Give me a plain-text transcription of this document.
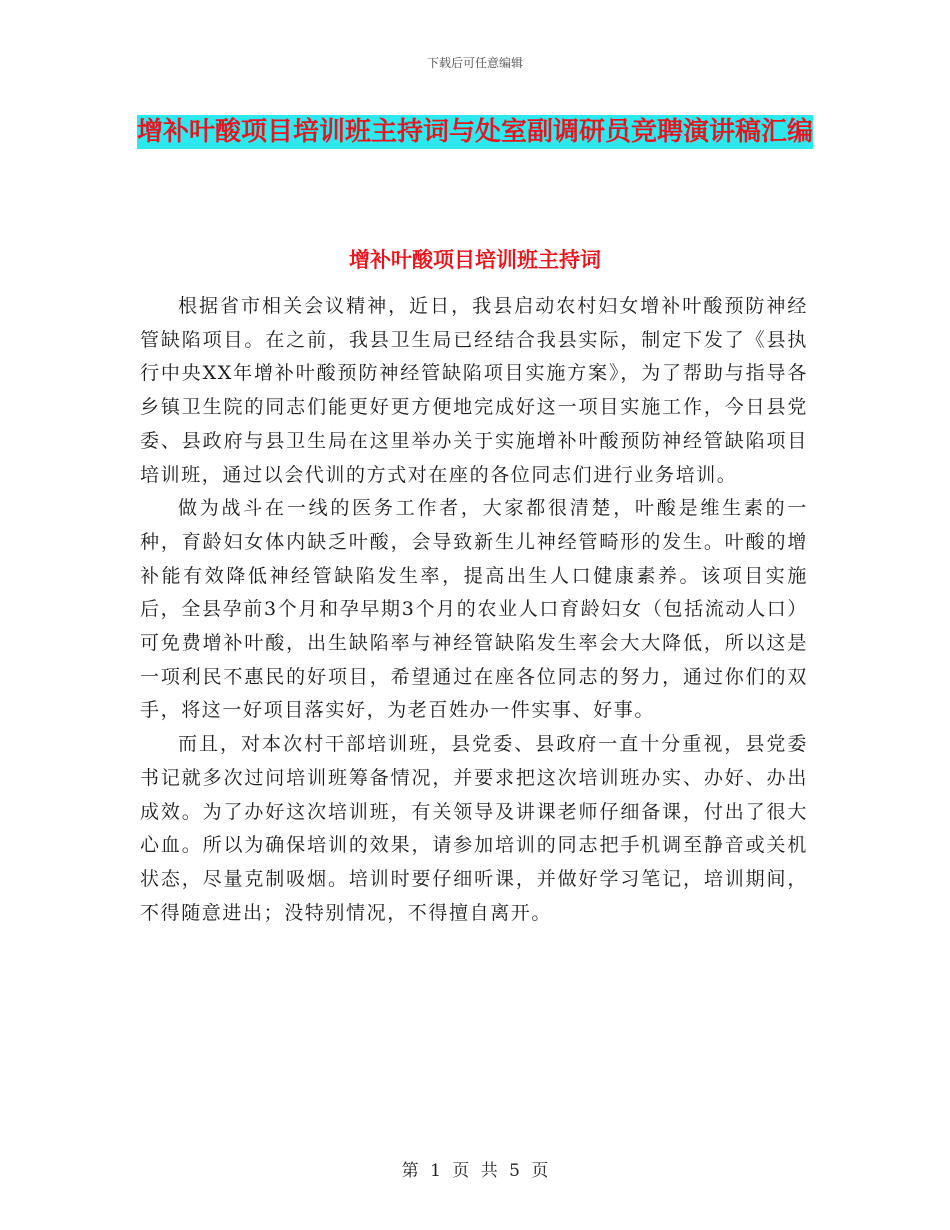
下载后可任意编辑
增补叶酸项目培训班主持词与处室副调研员竞聘演讲稿汇编
增补叶酸项目培训班主持词

根据省市相关会议精神，近日，我县启动农村妇女增补叶酸预防神经管缺陷项目。在之前，我县卫生局已经结合我县实际，制定下发了《县执行中央XX年增补叶酸预防神经管缺陷项目实施方案》，为了帮助与指导各乡镇卫生院的同志们能更好更方便地完成好这一项目实施工作，今日县党委、县政府与县卫生局在这里举办关于实施增补叶酸预防神经管缺陷项目培训班，通过以会代训的方式对在座的各位同志们进行业务培训。

做为战斗在一线的医务工作者，大家都很清楚，叶酸是维生素的一种，育龄妇女体内缺乏叶酸，会导致新生儿神经管畸形的发生。叶酸的增补能有效降低神经管缺陷发生率，提高出生人口健康素养。该项目实施后，全县孕前3个月和孕早期3个月的农业人口育龄妇女（包括流动人口）可免费增补叶酸，出生缺陷率与神经管缺陷发生率会大大降低，所以这是一项利民不惠民的好项目，希望通过在座各位同志的努力，通过你们的双手，将这一好项目落实好，为老百姓办一件实事、好事。

而且，对本次村干部培训班，县党委、县政府一直十分重视，县党委书记就多次过问培训班筹备情况，并要求把这次培训班办实、办好、办出成效。为了办好这次培训班，有关领导及讲课老师仔细备课，付出了很大心血。所以为确保培训的效果，请参加培训的同志把手机调至静音或关机状态，尽量克制吸烟。培训时要仔细听课，并做好学习笔记，培训期间，不得随意进出；没特别情况，不得擅自离开。

第 1 页 共 5 页
